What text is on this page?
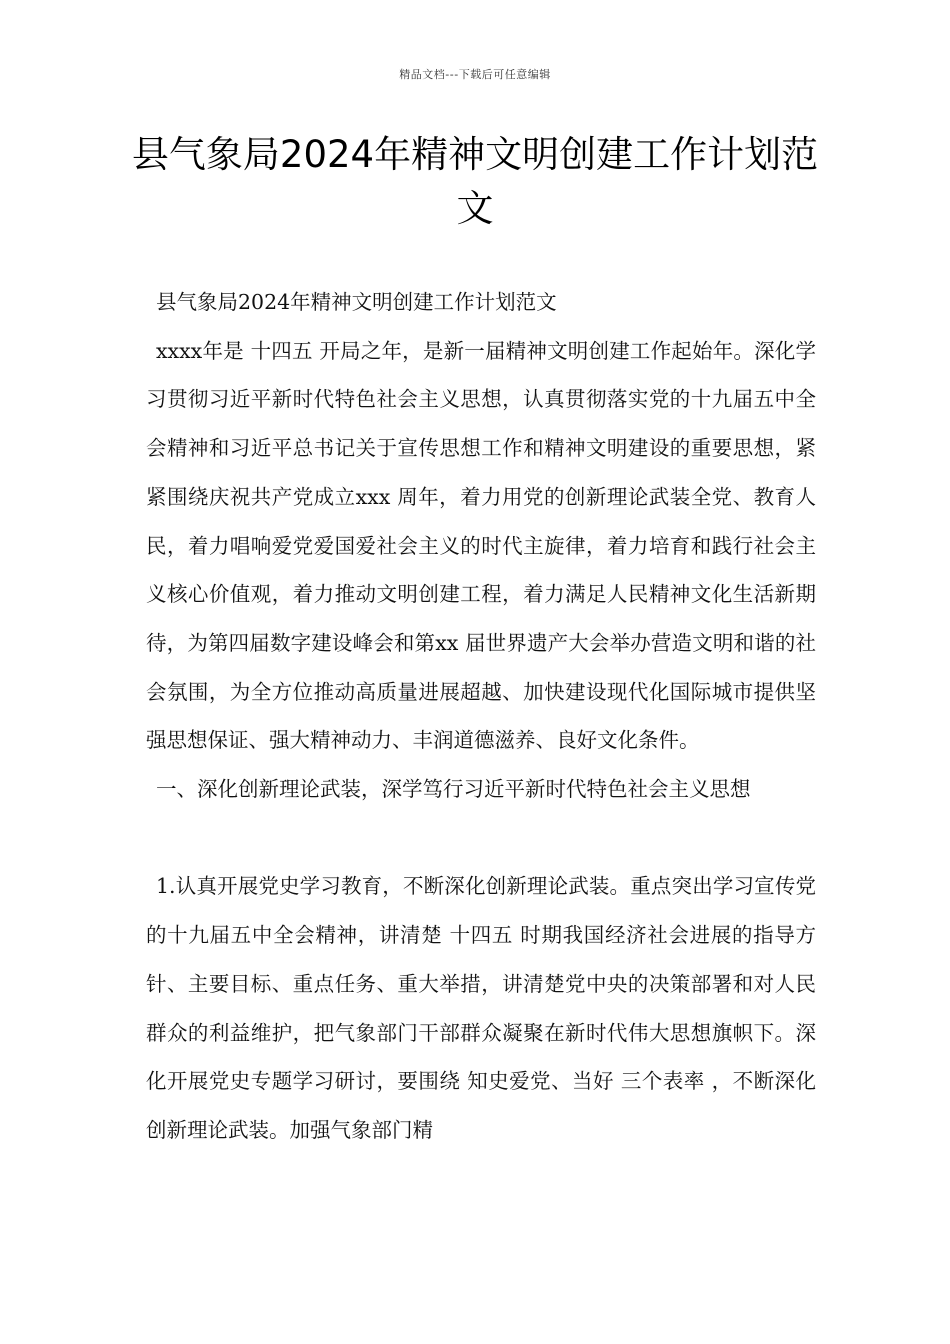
精品文档---下载后可任意编辑
县气象局2024年精神文明创建工作计划范文

县气象局2024年精神文明创建工作计划范文

xxxx年是 十四五 开局之年，是新一届精神文明创建工作起始年。深化学习贯彻习近平新时代特色社会主义思想，认真贯彻落实党的十九届五中全会精神和习近平总书记关于宣传思想工作和精神文明建设的重要思想，紧紧围绕庆祝共产党成立xxx 周年，着力用党的创新理论武装全党、教育人民，着力唱响爱党爱国爱社会主义的时代主旋律，着力培育和践行社会主义核心价值观，着力推动文明创建工程，着力满足人民精神文化生活新期待，为第四届数字建设峰会和第xx 届世界遗产大会举办营造文明和谐的社会氛围，为全方位推动高质量进展超越、加快建设现代化国际城市提供坚强思想保证、强大精神动力、丰润道德滋养、良好文化条件。

一、深化创新理论武装，深学笃行习近平新时代特色社会主义思想

1.认真开展党史学习教育，不断深化创新理论武装。重点突出学习宣传党的十九届五中全会精神，讲清楚 十四五 时期我国经济社会进展的指导方针、主要目标、重点任务、重大举措，讲清楚党中央的决策部署和对人民群众的利益维护，把气象部门干部群众凝聚在新时代伟大思想旗帜下。深化开展党史专题学习研讨，要围绕 知史爱党、当好 三个表率 ，不断深化创新理论武装。加强气象部门精
